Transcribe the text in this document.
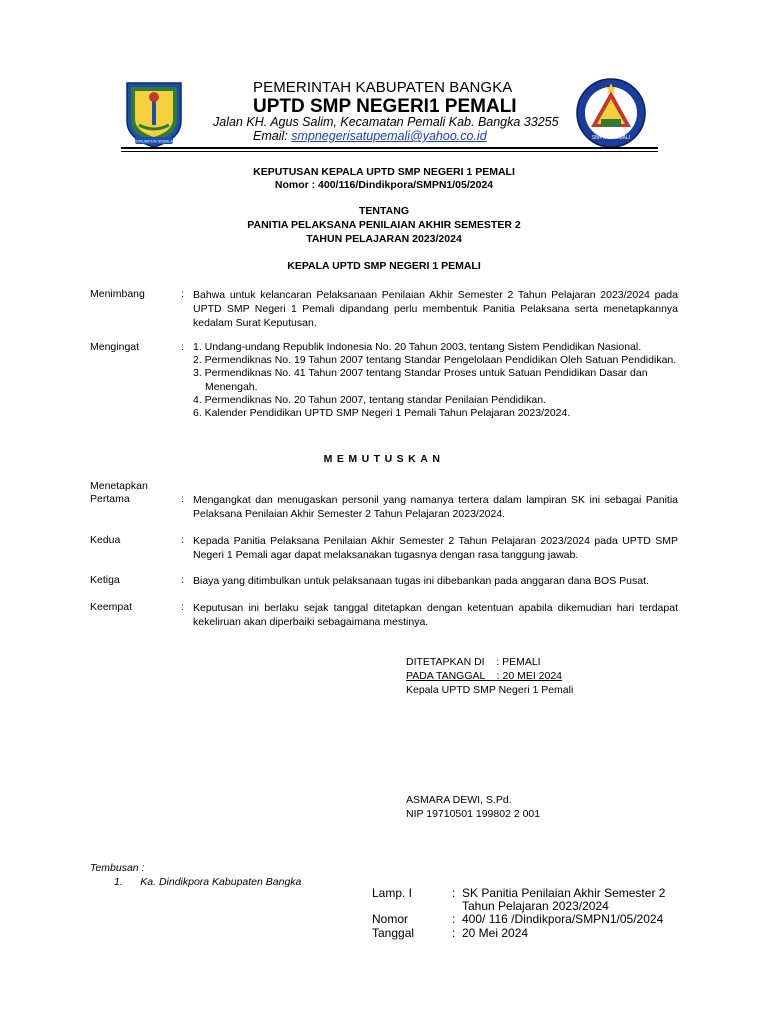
SERUMPUN SEBALAI	SMPN 1 PEMALI
PEMERINTAH KABUPATEN BANGKA
UPTD SMP NEGERI1 PEMALI
Jalan KH. Agus Salim, Kecamatan Pemali Kab. Bangka 33255
Email: smpnegerisatupemali@yahoo.co.id
KEPUTUSAN KEPALA UPTD SMP NEGERI 1 PEMALI
Nomor : 400/116/Dindikpora/SMPN1/05/2024
TENTANG
PANITIA PELAKSANA PENILAIAN AKHIR SEMESTER 2
TAHUN PELAJARAN 2023/2024
KEPALA UPTD SMP NEGERI 1 PEMALI
Menimbang	: Bahwa untuk kelancaran Pelaksanaan Penilaian Akhir Semester 2 Tahun Pelajaran 2023/2024 pada UPTD SMP Negeri 1 Pemali dipandang perlu membentuk Panitia Pelaksana serta menetapkannya kedalam Surat Keputusan.
Mengingat	: 1. Undang-undang Republik Indonesia No. 20 Tahun 2003, tentang Sistem Pendidikan Nasional.
2. Permendiknas No. 19 Tahun 2007 tentang Standar Pengelolaan Pendidikan Oleh Satuan Pendidikan.
3. Permendiknas No. 41 Tahun 2007 tentang Standar Proses untuk Satuan Pendidikan Dasar dan
Menengah.
4. Permendiknas No. 20 Tahun 2007, tentang standar Penilaian Pendidikan.
6. Kalender Pendidikan UPTD SMP Negeri 1 Pemali Tahun Pelajaran 2023/2024.
MEMUTUSKAN
Menetapkan
Pertama	: Mengangkat dan menugaskan personil yang namanya tertera dalam lampiran SK ini sebagai Panitia Pelaksana Penilaian Akhir Semester 2 Tahun Pelajaran 2023/2024.
Kedua	: Kepada Panitia Pelaksana Penilaian Akhir Semester 2 Tahun Pelajaran 2023/2024 pada UPTD SMP Negeri 1 Pemali agar dapat melaksanakan tugasnya dengan rasa tanggung jawab.
Ketiga	: Biaya yang ditimbulkan untuk pelaksanaan tugas ini dibebankan pada anggaran dana BOS Pusat.
Keempat	: Keputusan ini berlaku sejak tanggal ditetapkan dengan ketentuan apabila dikemudian hari terdapat kekeliruan akan diperbaiki sebagaimana mestinya.
DITETAPKAN DI    : PEMALI
PADA TANGGAL    : 20 MEI 2024
Kepala UPTD SMP Negeri 1 Pemali
ASMARA DEWI, S.Pd.
NIP 19710501 199802 2 001
Tembusan :
1.      Ka. Dindikpora Kabupaten Bangka
Lamp. I	:	SK Panitia Penilaian Akhir Semester 2
		Tahun Pelajaran 2023/2024
Nomor	:	400/ 116 /Dindikpora/SMPN1/05/2024
Tanggal	:	20 Mei 2024
